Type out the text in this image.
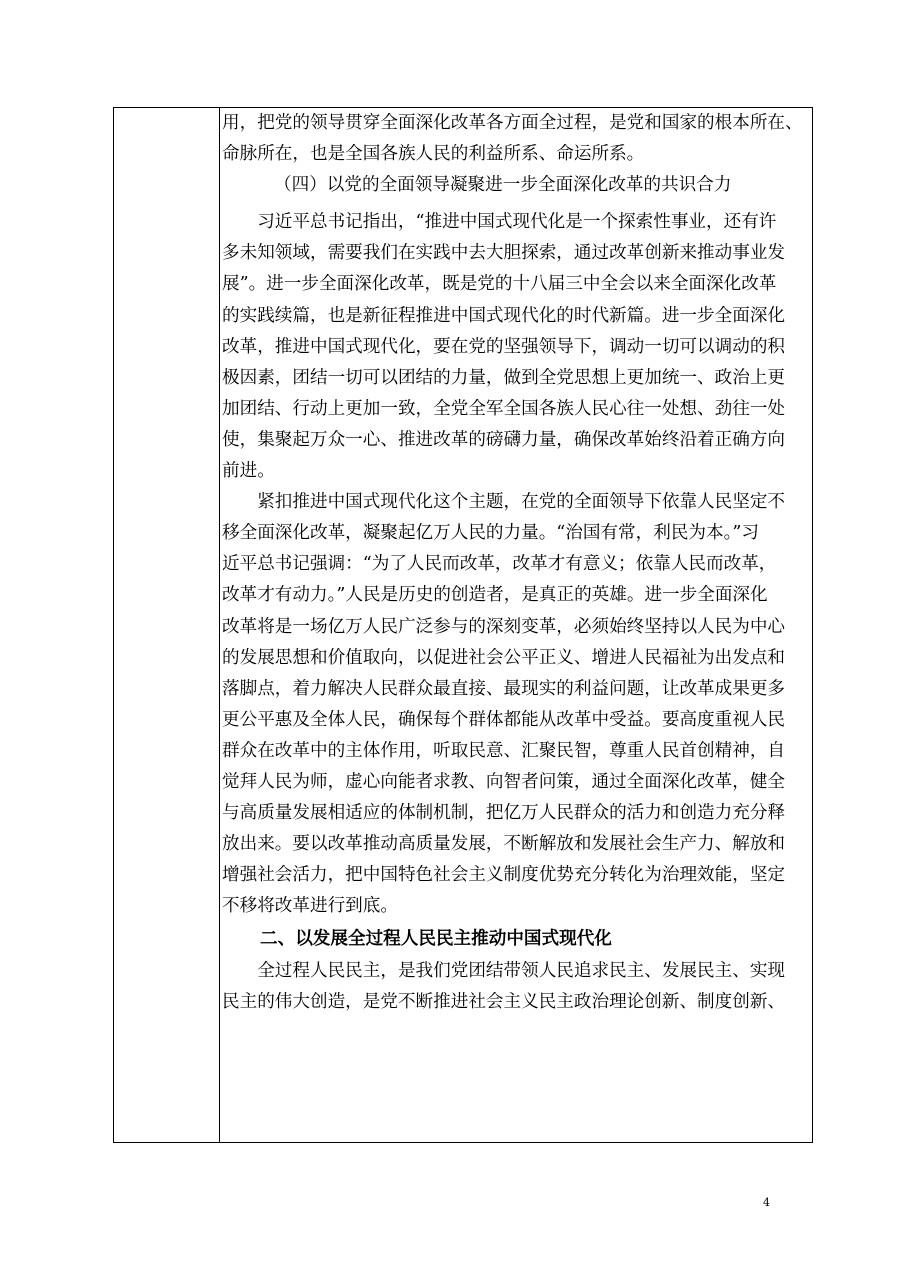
用，把党的领导贯穿全面深化改革各方面全过程，是党和国家的根本所在、
命脉所在，也是全国各族人民的利益所系、命运所系。
（四）以党的全面领导凝聚进一步全面深化改革的共识合力
　　习近平总书记指出，“推进中国式现代化是一个探索性事业，还有许
多未知领域，需要我们在实践中去大胆探索，通过改革创新来推动事业发
展”。进一步全面深化改革，既是党的十八届三中全会以来全面深化改革
的实践续篇，也是新征程推进中国式现代化的时代新篇。进一步全面深化
改革，推进中国式现代化，要在党的坚强领导下，调动一切可以调动的积
极因素，团结一切可以团结的力量，做到全党思想上更加统一、政治上更
加团结、行动上更加一致，全党全军全国各族人民心往一处想、劲往一处
使，集聚起万众一心、推进改革的磅礴力量，确保改革始终沿着正确方向
前进。
　　紧扣推进中国式现代化这个主题，在党的全面领导下依靠人民坚定不
移全面深化改革，凝聚起亿万人民的力量。“治国有常，利民为本。”习
近平总书记强调：“为了人民而改革，改革才有意义；依靠人民而改革，
改革才有动力。”人民是历史的创造者，是真正的英雄。进一步全面深化
改革将是一场亿万人民广泛参与的深刻变革，必须始终坚持以人民为中心
的发展思想和价值取向，以促进社会公平正义、增进人民福祉为出发点和
落脚点，着力解决人民群众最直接、最现实的利益问题，让改革成果更多
更公平惠及全体人民，确保每个群体都能从改革中受益。要高度重视人民
群众在改革中的主体作用，听取民意、汇聚民智，尊重人民首创精神，自
觉拜人民为师，虚心向能者求教、向智者问策，通过全面深化改革，健全
与高质量发展相适应的体制机制，把亿万人民群众的活力和创造力充分释
放出来。要以改革推动高质量发展，不断解放和发展社会生产力、解放和
增强社会活力，把中国特色社会主义制度优势充分转化为治理效能，坚定
不移将改革进行到底。
二、以发展全过程人民民主推动中国式现代化
　　全过程人民民主，是我们党团结带领人民追求民主、发展民主、实现
民主的伟大创造，是党不断推进社会主义民主政治理论创新、制度创新、
4
